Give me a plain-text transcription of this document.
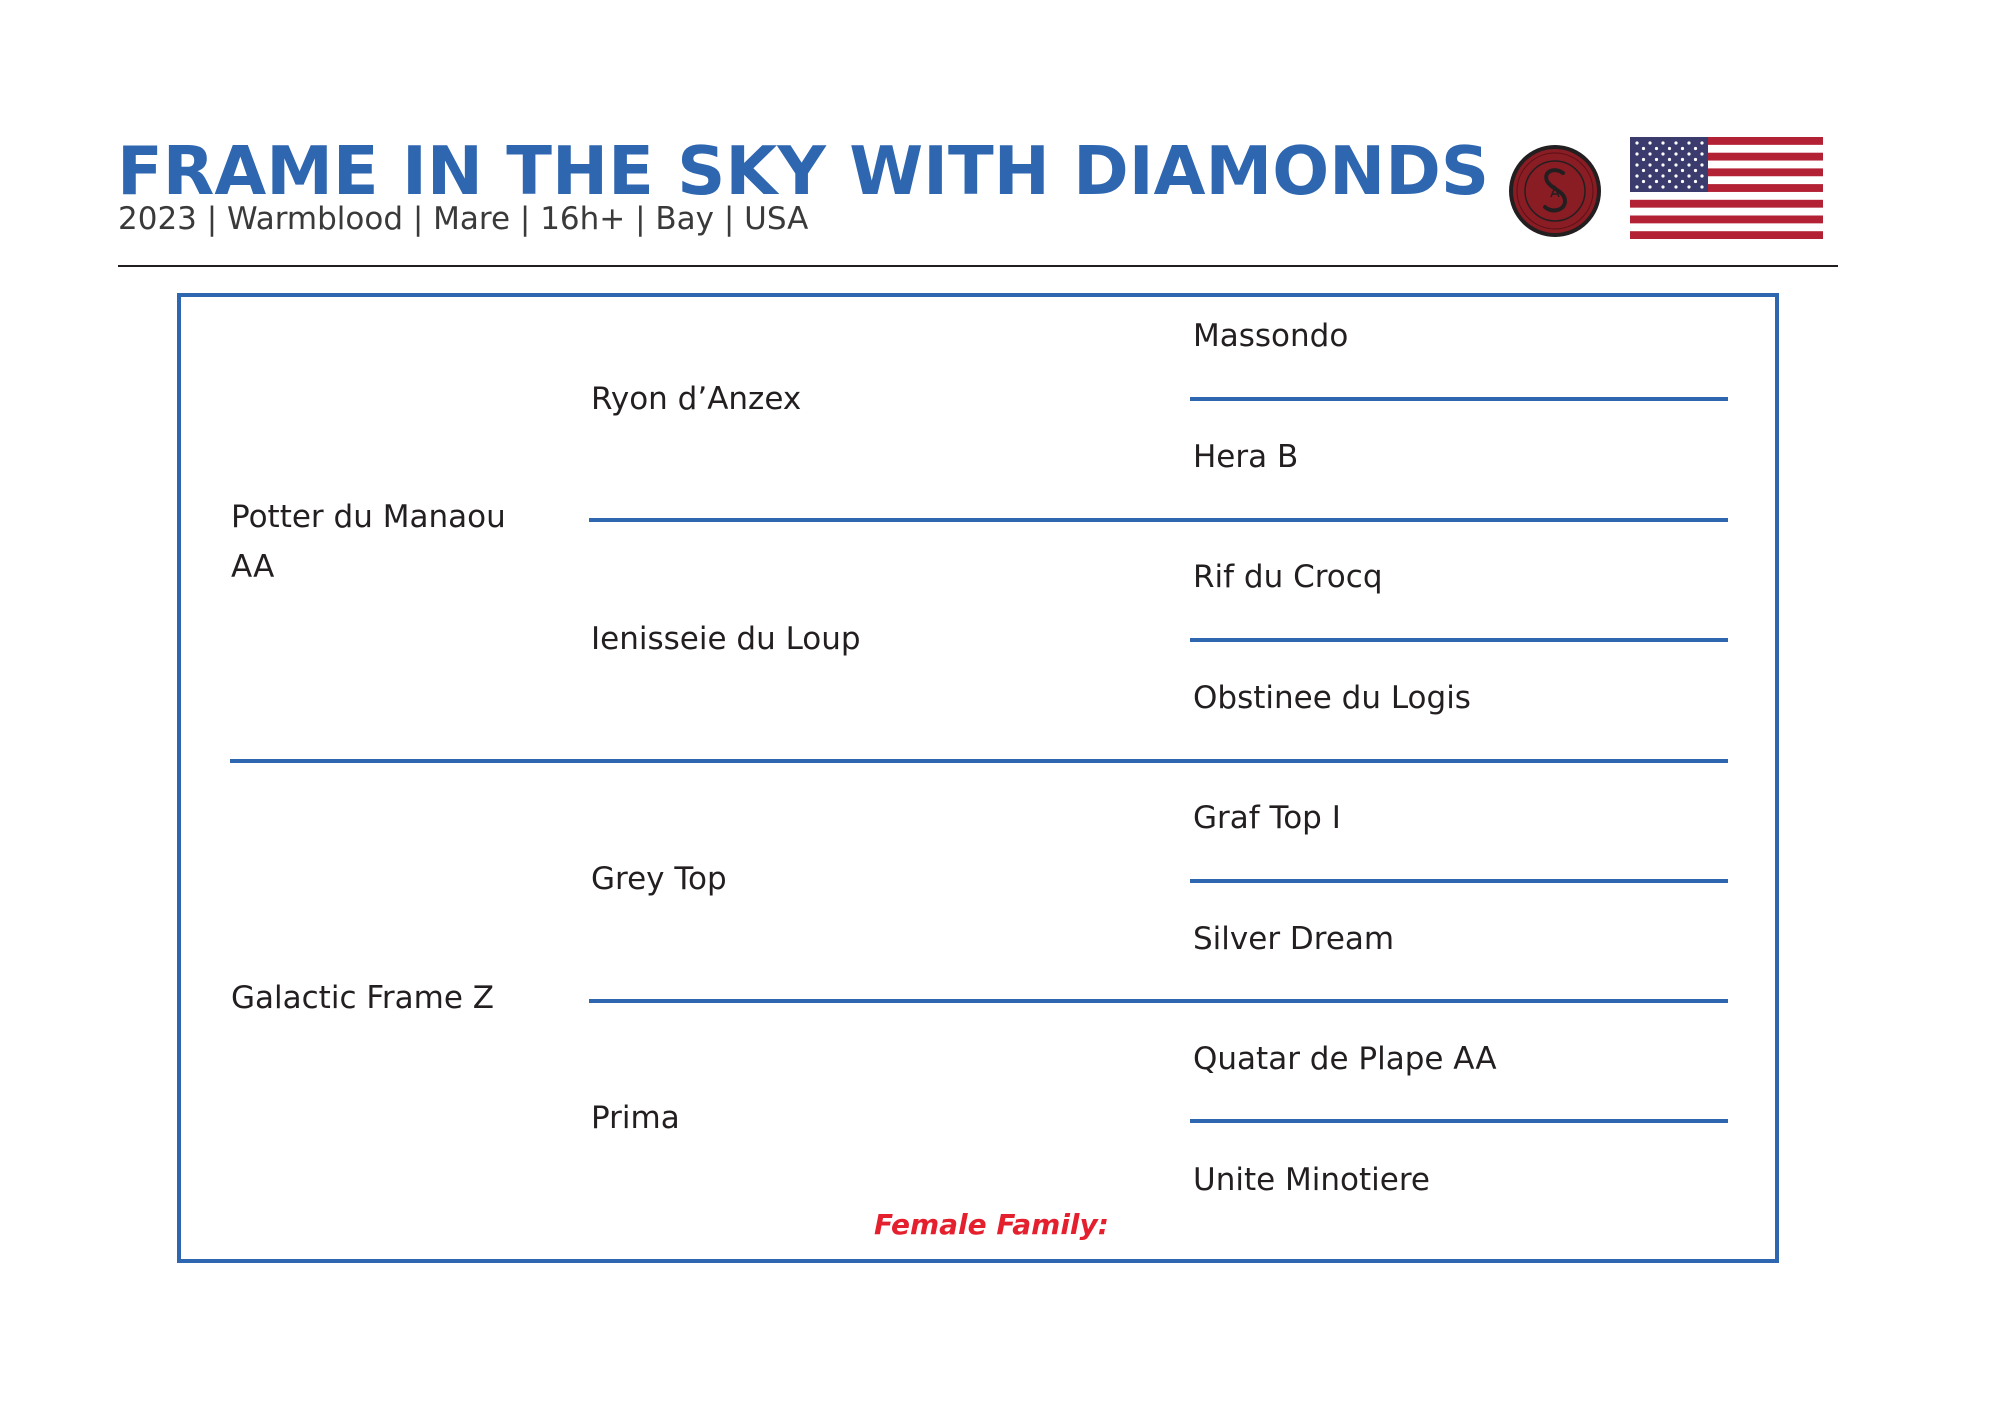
FRAME IN THE SKY WITH DIAMONDS
2023 | Warmblood | Mare | 16h+ | Bay | USA
Potter du Manaou AA
Galactic Frame Z
Ryon d’Anzex
Ienisseie du Loup
Grey Top
Prima
Massondo
Hera B
Rif du Crocq
Obstinee du Logis
Graf Top I
Silver Dream
Quatar de Plape AA
Unite Minotiere
Female Family:
